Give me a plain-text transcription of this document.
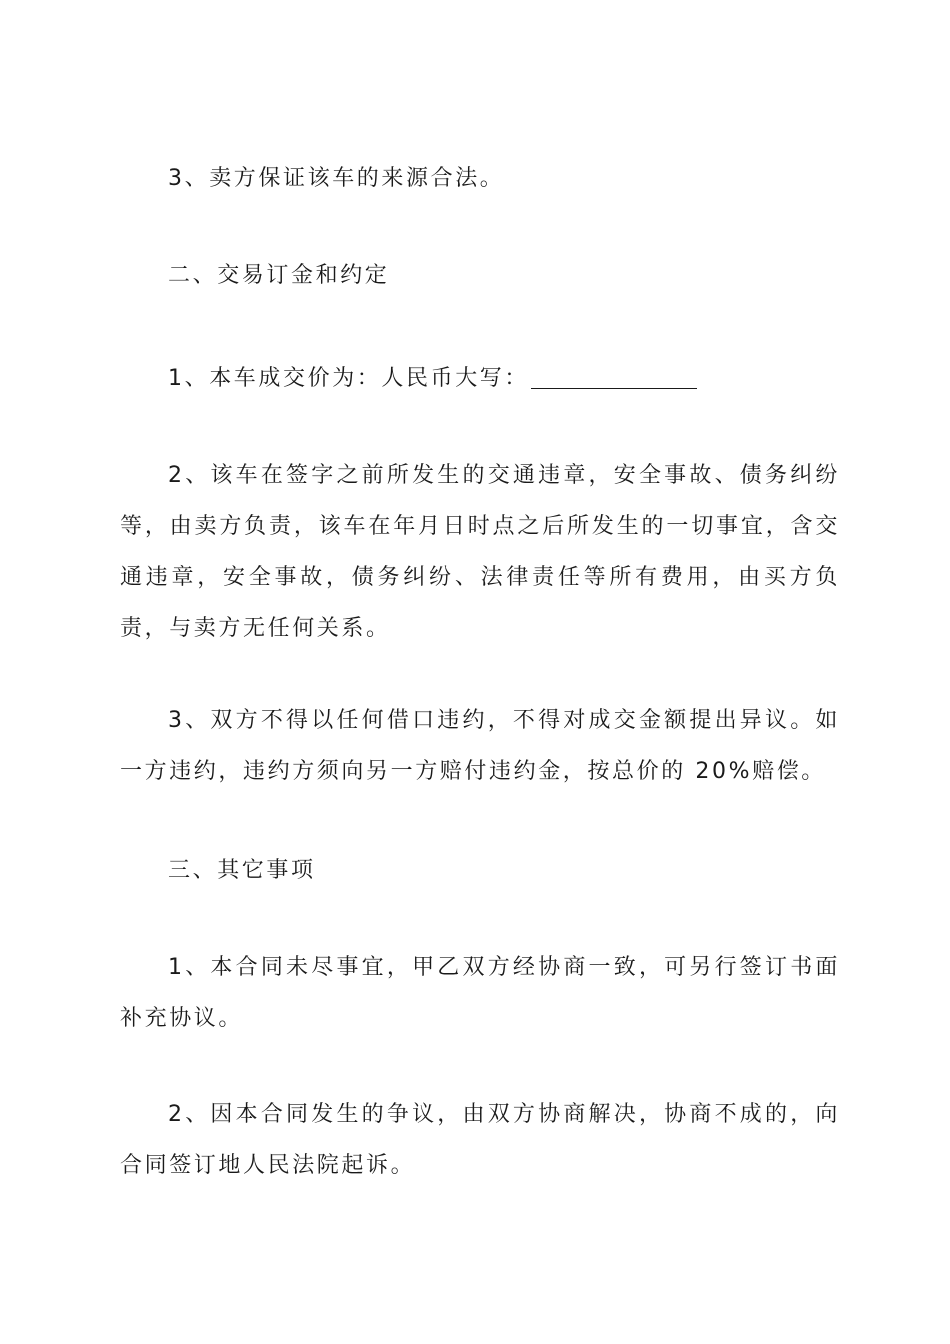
3、卖方保证该车的来源合法。

二、交易订金和约定

1、本车成交价为：人民币大写：

2、该车在签字之前所发生的交通违章，安全事故、债务纠纷等，由卖方负责，该车在年月日时点之后所发生的一切事宜，含交通违章，安全事故，债务纠纷、法律责任等所有费用，由买方负责，与卖方无任何关系。

3、双方不得以任何借口违约，不得对成交金额提出异议。如一方违约，违约方须向另一方赔付违约金，按总价的 20%赔偿。

三、其它事项

1、本合同未尽事宜，甲乙双方经协商一致，可另行签订书面补充协议。

2、因本合同发生的争议，由双方协商解决，协商不成的，向合同签订地人民法院起诉。
